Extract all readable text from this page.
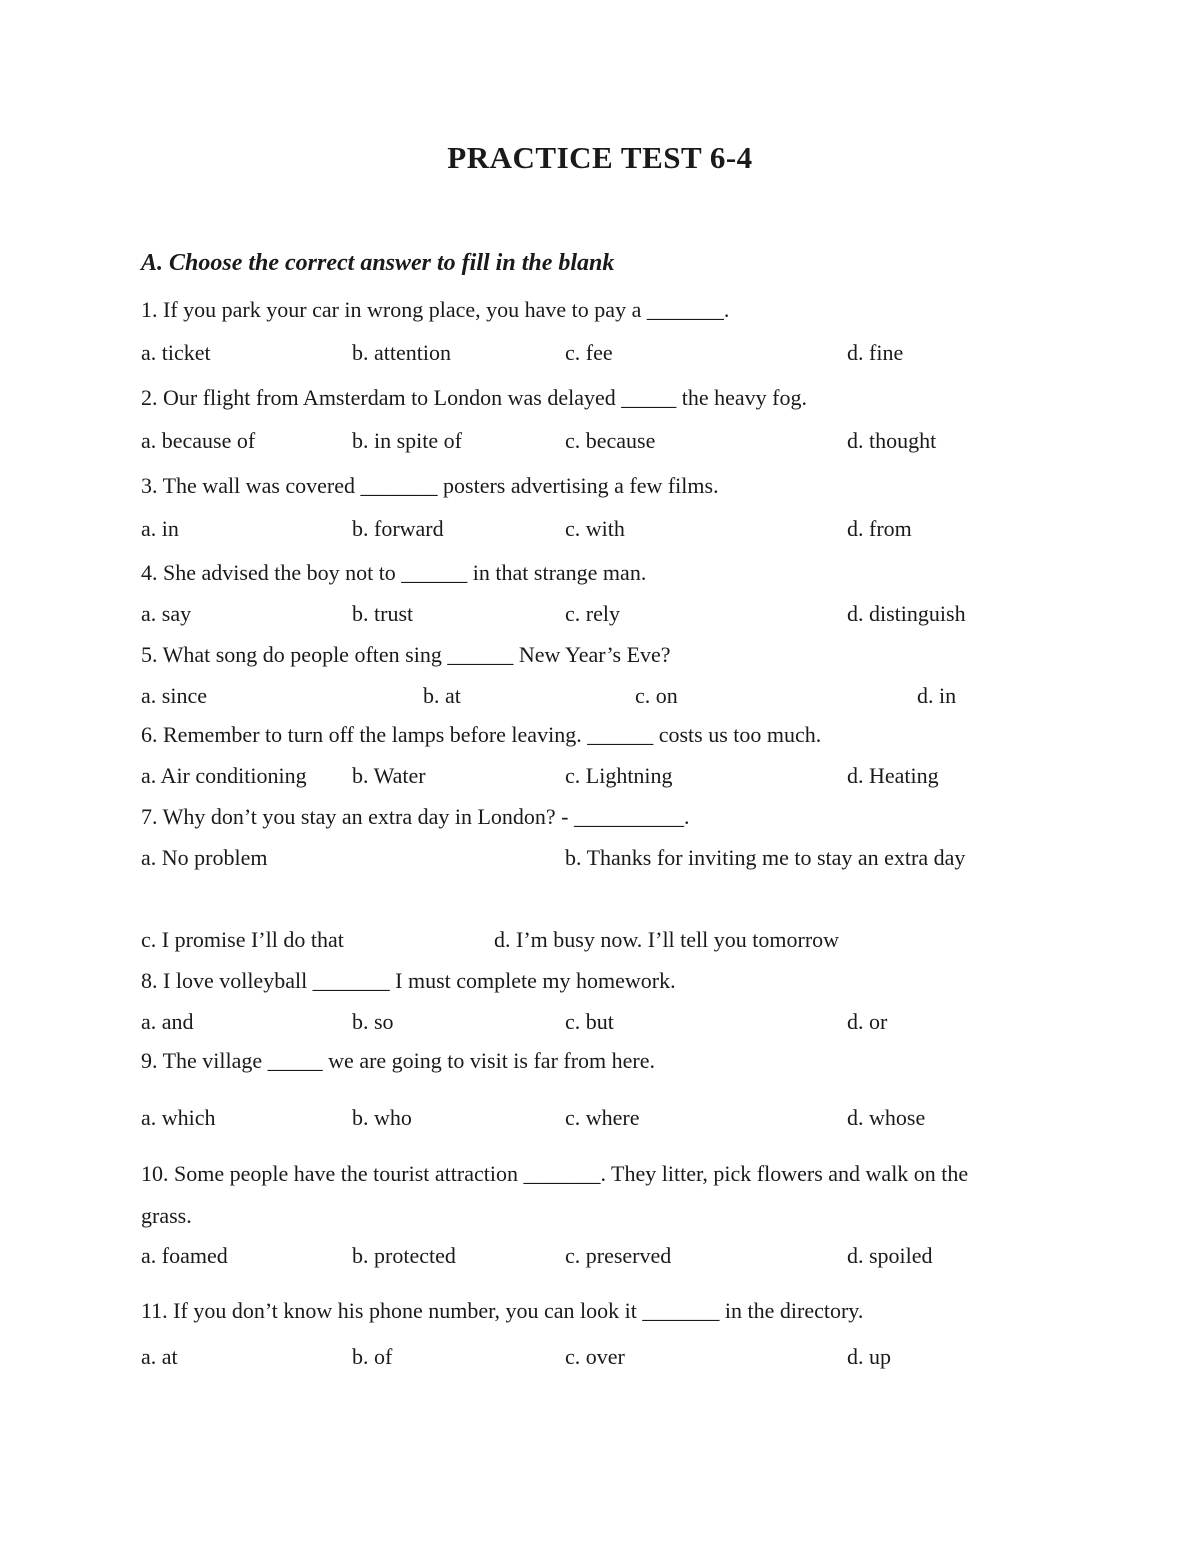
PRACTICE TEST 6-4
A. Choose the correct answer to fill in the blank
1. If you park your car in wrong place, you have to pay a _______.
a. ticket	b. attention	c. fee	d. fine
2. Our flight from Amsterdam to London was delayed _____ the heavy fog.
a. because of	b. in spite of	c. because	d. thought
3. The wall was covered _______ posters advertising a few films.
a. in	b. forward	c. with	d. from
4. She advised the boy not to ______ in that strange man.
a. say	b. trust	c. rely	d. distinguish
5. What song do people often sing ______ New Year’s Eve?
a. since	b. at	c. on	d. in
6. Remember to turn off the lamps before leaving. ______ costs us too much.
a. Air conditioning b. Water	c. Lightning	d. Heating
7. Why don’t you stay an extra day in London? - __________.
a. No problem	b. Thanks for inviting me to stay an extra day
c. I promise I’ll do that	d. I’m busy now. I’ll tell you tomorrow
8. I love volleyball _______ I must complete my homework.
a. and	b. so	c. but	d. or
9. The village _____ we are going to visit is far from here.
a. which	b. who	c. where	d. whose
10. Some people have the tourist attraction _______. They litter, pick flowers and walk on the
grass.
a. foamed	b. protected	c. preserved	d. spoiled
11. If you don’t know his phone number, you can look it _______ in the directory.
a. at	b. of	c. over	d. up
